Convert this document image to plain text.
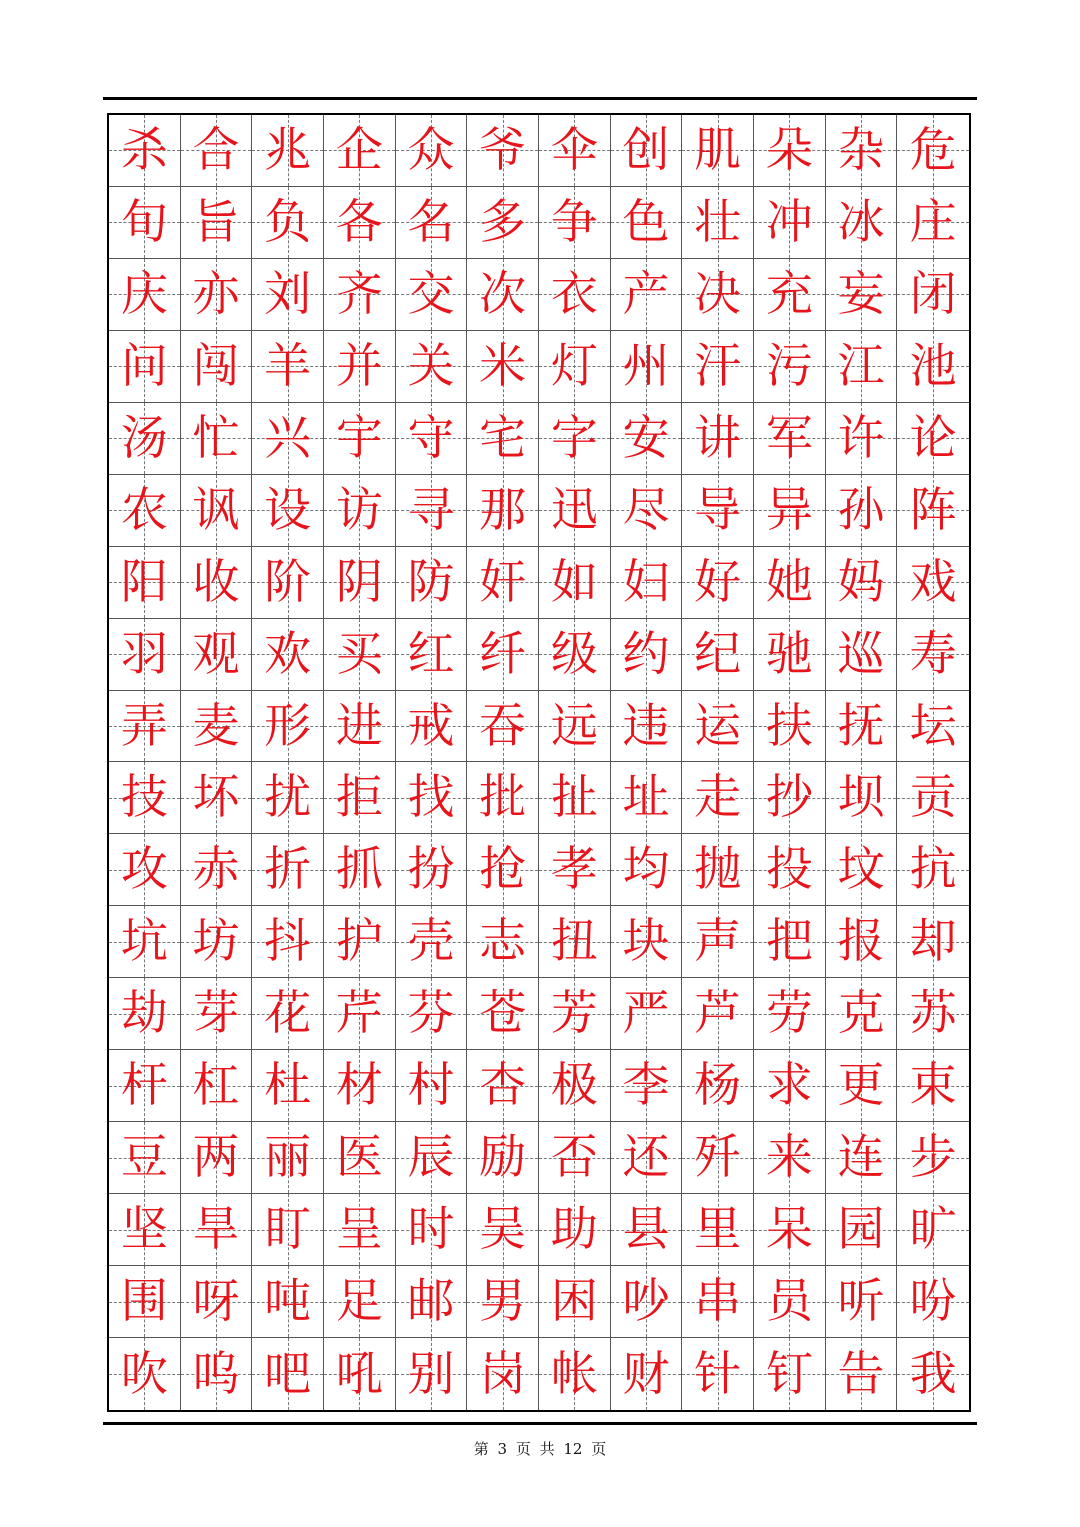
杀 合 兆 企 众 爷 伞 创 肌 朵 杂 危
旬 旨 负 各 名 多 争 色 壮 冲 冰 庄
庆 亦 刘 齐 交 次 衣 产 决 充 妄 闭
问 闯 羊 并 关 米 灯 州 汗 污 江 池
汤 忙 兴 宇 守 宅 字 安 讲 军 许 论
农 讽 设 访 寻 那 迅 尽 导 异 孙 阵
阳 收 阶 阴 防 奸 如 妇 好 她 妈 戏
羽 观 欢 买 红 纤 级 约 纪 驰 巡 寿
弄 麦 形 进 戒 吞 远 违 运 扶 抚 坛
技 坏 扰 拒 找 批 扯 址 走 抄 坝 贡
攻 赤 折 抓 扮 抢 孝 均 抛 投 坟 抗
坑 坊 抖 护 壳 志 扭 块 声 把 报 却
劫 芽 花 芹 芬 苍 芳 严 芦 劳 克 苏
杆 杠 杜 材 村 杏 极 李 杨 求 更 束
豆 两 丽 医 辰 励 否 还 歼 来 连 步
坚 旱 盯 呈 时 吴 助 县 里 呆 园 旷
围 呀 吨 足 邮 男 困 吵 串 员 听 吩
吹 呜 吧 吼 别 岗 帐 财 针 钉 告 我
第 3 页 共 12 页
